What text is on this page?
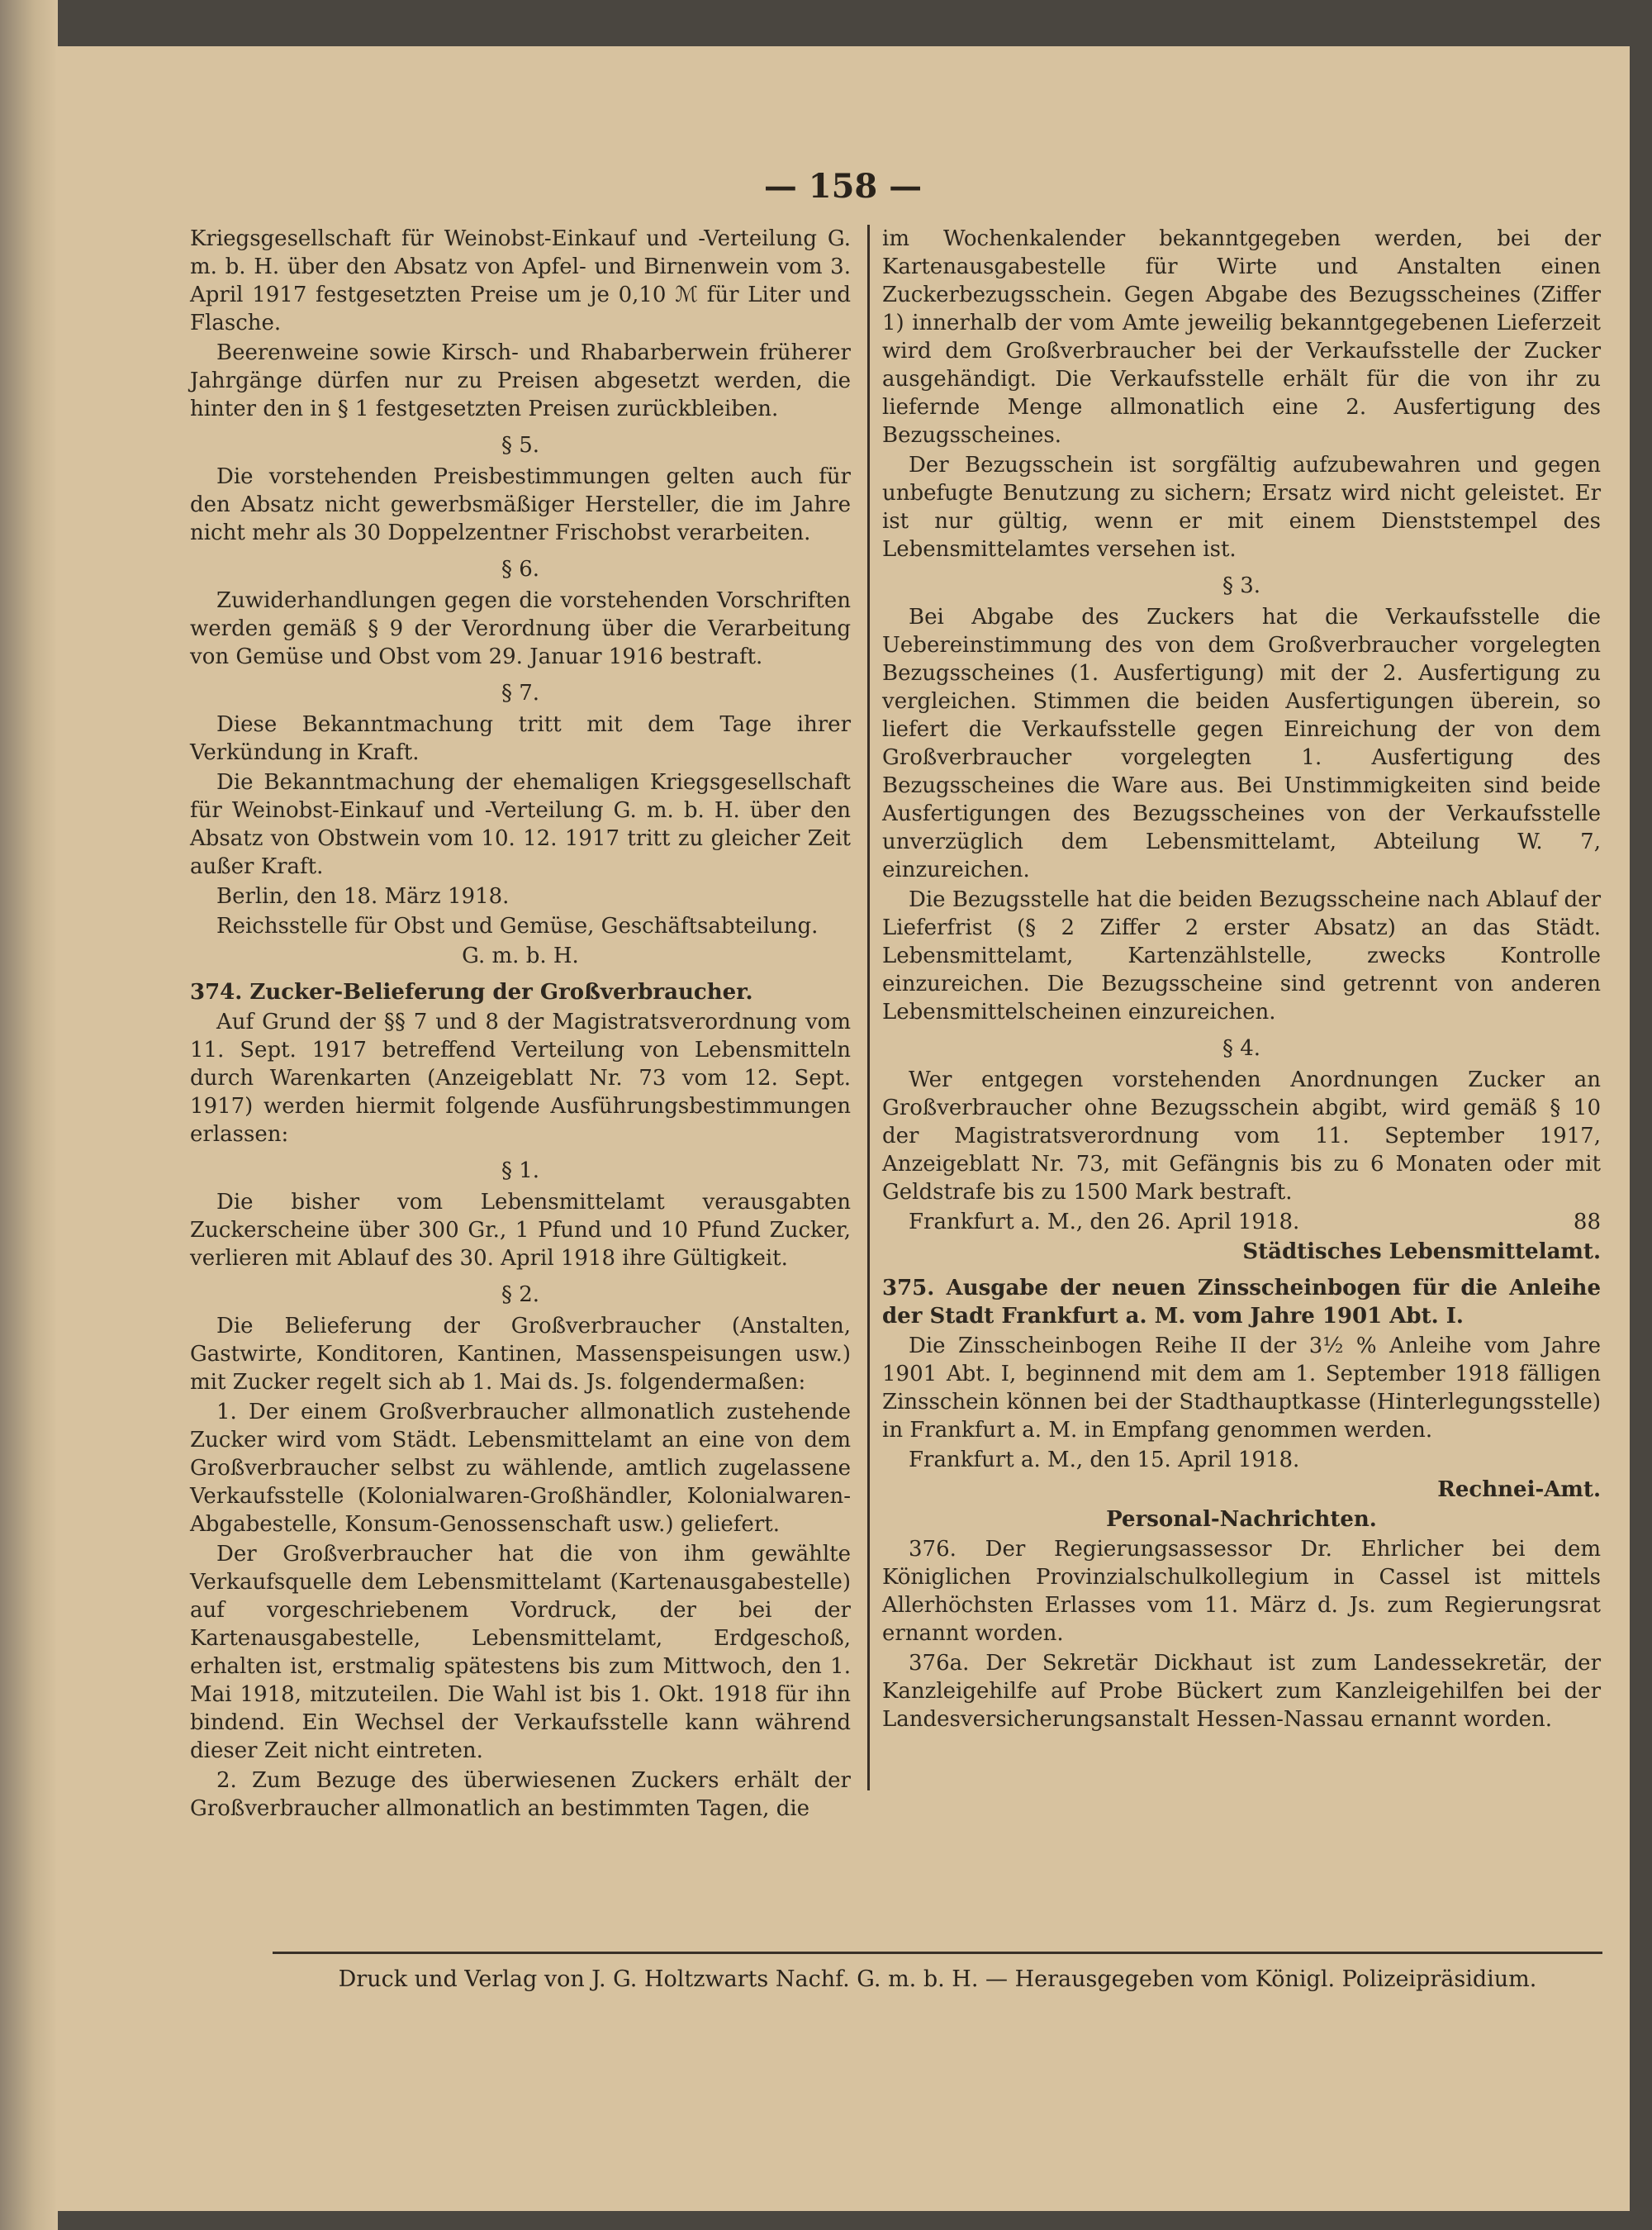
— 158 —

Kriegsgesellschaft für Weinobst-Einkauf und -Verteilung G. m. b. H. über den Absatz von Apfel- und Birnenwein vom 3. April 1917 festgesetzten Preise um je 0,10 ℳ für Liter und Flasche.

Beerenweine sowie Kirsch- und Rhabarberwein früherer Jahrgänge dürfen nur zu Preisen abgesetzt werden, die hinter den in § 1 festgesetzten Preisen zurückbleiben.

§ 5.

Die vorstehenden Preisbestimmungen gelten auch für den Absatz nicht gewerbsmäßiger Hersteller, die im Jahre nicht mehr als 30 Doppelzentner Frischobst verarbeiten.

§ 6.

Zuwiderhandlungen gegen die vorstehenden Vorschriften werden gemäß § 9 der Verordnung über die Verarbeitung von Gemüse und Obst vom 29. Januar 1916 bestraft.

§ 7.

Diese Bekanntmachung tritt mit dem Tage ihrer Verkündung in Kraft.

Die Bekanntmachung der ehemaligen Kriegsgesellschaft für Weinobst-Einkauf und -Verteilung G. m. b. H. über den Absatz von Obstwein vom 10. 12. 1917 tritt zu gleicher Zeit außer Kraft.

Berlin, den 18. März 1918.

Reichsstelle für Obst und Gemüse, Geschäftsabteilung.

G. m. b. H.

374. Zucker-Belieferung der Großverbraucher.

Auf Grund der §§ 7 und 8 der Magistratsverordnung vom 11. Sept. 1917 betreffend Verteilung von Lebensmitteln durch Warenkarten (Anzeigeblatt Nr. 73 vom 12. Sept. 1917) werden hiermit folgende Ausführungsbestimmungen erlassen:

§ 1.

Die bisher vom Lebensmittelamt verausgabten Zuckerscheine über 300 Gr., 1 Pfund und 10 Pfund Zucker, verlieren mit Ablauf des 30. April 1918 ihre Gültigkeit.

§ 2.

Die Belieferung der Großverbraucher (Anstalten, Gastwirte, Konditoren, Kantinen, Massenspeisungen usw.) mit Zucker regelt sich ab 1. Mai ds. Js. folgendermaßen:

1. Der einem Großverbraucher allmonatlich zustehende Zucker wird vom Städt. Lebensmittelamt an eine von dem Großverbraucher selbst zu wählende, amtlich zugelassene Verkaufsstelle (Kolonialwaren-Großhändler, Kolonialwaren-Abgabestelle, Konsum-Genossenschaft usw.) geliefert.

Der Großverbraucher hat die von ihm gewählte Verkaufsquelle dem Lebensmittelamt (Kartenausgabestelle) auf vorgeschriebenem Vordruck, der bei der Kartenausgabestelle, Lebensmittelamt, Erdgeschoß, erhalten ist, erstmalig spätestens bis zum Mittwoch, den 1. Mai 1918, mitzuteilen. Die Wahl ist bis 1. Okt. 1918 für ihn bindend. Ein Wechsel der Verkaufsstelle kann während dieser Zeit nicht eintreten.

2. Zum Bezuge des überwiesenen Zuckers erhält der Großverbraucher allmonatlich an bestimmten Tagen, die

im Wochenkalender bekanntgegeben werden, bei der Kartenausgabestelle für Wirte und Anstalten einen Zuckerbezugsschein. Gegen Abgabe des Bezugsscheines (Ziffer 1) innerhalb der vom Amte jeweilig bekanntgegebenen Lieferzeit wird dem Großverbraucher bei der Verkaufsstelle der Zucker ausgehändigt. Die Verkaufsstelle erhält für die von ihr zu liefernde Menge allmonatlich eine 2. Ausfertigung des Bezugsscheines.

Der Bezugsschein ist sorgfältig aufzubewahren und gegen unbefugte Benutzung zu sichern; Ersatz wird nicht geleistet. Er ist nur gültig, wenn er mit einem Dienststempel des Lebensmittelamtes versehen ist.

§ 3.

Bei Abgabe des Zuckers hat die Verkaufsstelle die Uebereinstimmung des von dem Großverbraucher vorgelegten Bezugsscheines (1. Ausfertigung) mit der 2. Ausfertigung zu vergleichen. Stimmen die beiden Ausfertigungen überein, so liefert die Verkaufsstelle gegen Einreichung der von dem Großverbraucher vorgelegten 1. Ausfertigung des Bezugsscheines die Ware aus. Bei Unstimmigkeiten sind beide Ausfertigungen des Bezugsscheines von der Verkaufsstelle unverzüglich dem Lebensmittelamt, Abteilung W. 7, einzureichen.

Die Bezugsstelle hat die beiden Bezugsscheine nach Ablauf der Lieferfrist (§ 2 Ziffer 2 erster Absatz) an das Städt. Lebensmittelamt, Kartenzählstelle, zwecks Kontrolle einzureichen. Die Bezugsscheine sind getrennt von anderen Lebensmittelscheinen einzureichen.

§ 4.

Wer entgegen vorstehenden Anordnungen Zucker an Großverbraucher ohne Bezugsschein abgibt, wird gemäß § 10 der Magistratsverordnung vom 11. September 1917, Anzeigeblatt Nr. 73, mit Gefängnis bis zu 6 Monaten oder mit Geldstrafe bis zu 1500 Mark bestraft.

Frankfurt a. M., den 26. April 1918.	88

Städtisches Lebensmittelamt.

375. Ausgabe der neuen Zinsscheinbogen für die Anleihe der Stadt Frankfurt a. M. vom Jahre 1901 Abt. I.

Die Zinsscheinbogen Reihe II der 3½ % Anleihe vom Jahre 1901 Abt. I, beginnend mit dem am 1. September 1918 fälligen Zinsschein können bei der Stadthauptkasse (Hinterlegungsstelle) in Frankfurt a. M. in Empfang genommen werden.

Frankfurt a. M., den 15. April 1918.

Rechnei-Amt.

Personal-Nachrichten.

376. Der Regierungsassessor Dr. Ehrlicher bei dem Königlichen Provinzialschulkollegium in Cassel ist mittels Allerhöchsten Erlasses vom 11. März d. Js. zum Regierungsrat ernannt worden.

376a. Der Sekretär Dickhaut ist zum Landessekretär, der Kanzleigehilfe auf Probe Bückert zum Kanzleigehilfen bei der Landesversicherungsanstalt Hessen-Nassau ernannt worden.

Druck und Verlag von J. G. Holtzwarts Nachf. G. m. b. H. — Herausgegeben vom Königl. Polizeipräsidium.
